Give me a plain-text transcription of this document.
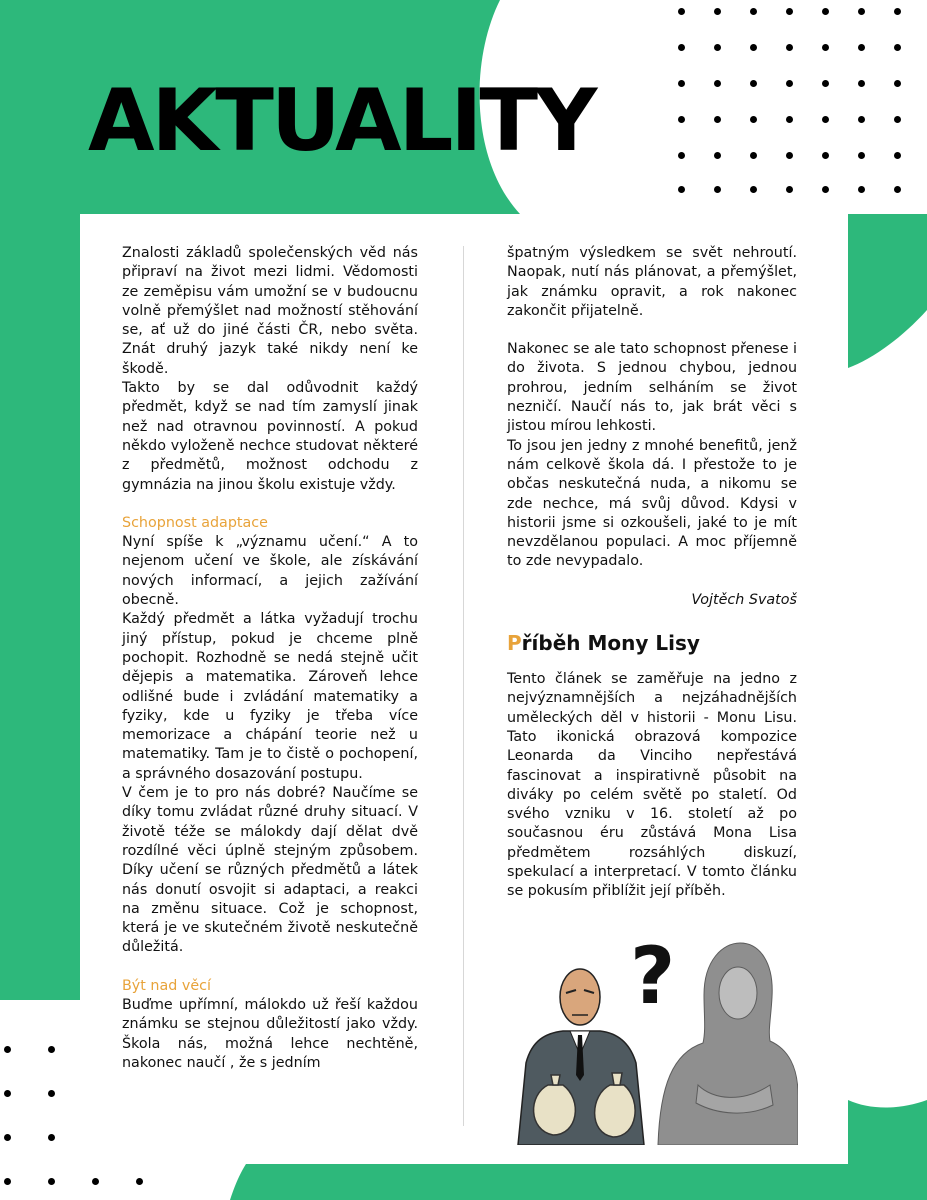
AKTUALITY

Znalosti základů společenských věd nás připraví na život mezi lidmi. Vědomosti ze zeměpisu vám umožní se v budoucnu volně přemýšlet nad možností stěhování se, ať už do jiné části ČR, nebo světa. Znát druhý jazyk také nikdy není ke škodě.

Takto by se dal odůvodnit každý předmět, když se nad tím zamyslí jinak než nad otravnou povinností. A pokud někdo vyloženě nechce studovat některé z předmětů, možnost odchodu z gymnázia na jinou školu existuje vždy.

Schopnost adaptace

Nyní spíše k „významu učení.“ A to nejenom učení ve škole, ale získávání nových informací, a jejich zažívání obecně.

Každý předmět a látka vyžadují trochu jiný přístup, pokud je chceme plně pochopit. Rozhodně se nedá stejně učit dějepis a matematika. Zároveň lehce odlišné bude i zvládání matematiky a fyziky, kde u fyziky je třeba více memorizace a chápání teorie než u matematiky. Tam je to čistě o pochopení, a správného dosazování postupu.

V čem je to pro nás dobré? Naučíme se díky tomu zvládat různé druhy situací. V životě téže se málokdy dají dělat dvě rozdílné věci úplně stejným způsobem. Díky učení se různých předmětů a látek nás donutí osvojit si adaptaci, a reakci na změnu situace. Což je schopnost, která je ve skutečném životě neskutečně důležitá.

Být nad věcí

Buďme upřímní, málokdo už řeší každou známku se stejnou důležitostí jako vždy. Škola nás, možná lehce nechtěně, nakonec naučí , že s jedním

špatným výsledkem se svět nehroutí. Naopak, nutí nás plánovat, a přemýšlet, jak známku opravit, a rok nakonec zakončit přijatelně.

Nakonec se ale tato schopnost přenese i do života. S jednou chybou, jednou prohrou, jedním selháním se život nezničí. Naučí nás to, jak brát věci s jistou mírou lehkosti.

To jsou jen jedny z mnohé benefitů, jenž nám celkově škola dá. I přestože to je občas neskutečná nuda, a nikomu se zde nechce, má svůj důvod. Kdysi v historii jsme si ozkoušeli, jaké to je mít nevzdělanou populaci. A moc příjemně to zde nevypadalo.

Vojtěch Svatoš

Příběh Mony Lisy

Tento článek se zaměřuje na jedno z nejvýznamnějších a nejzáhadnějších uměleckých děl v historii - Monu Lisu. Tato ikonická obrazová kompozice Leonarda da Vinciho nepřestává fascinovat a inspirativně působit na diváky po celém světě po staletí. Od svého vzniku v 16. století až po současnou éru zůstává Mona Lisa předmětem rozsáhlých diskuzí, spekulací a interpretací. V tomto článku se pokusím přiblížit její příběh.

?
